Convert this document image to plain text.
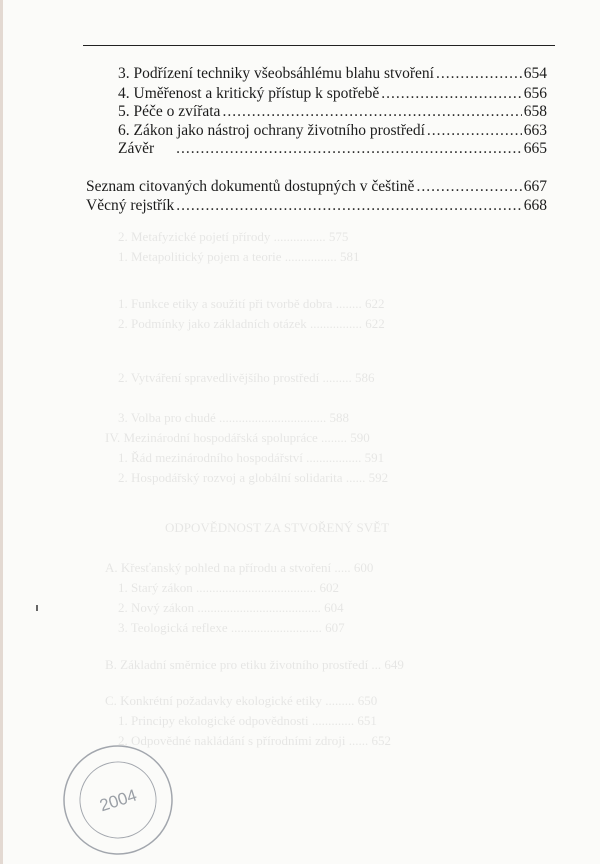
2. Metafyzické pojetí přírody ................ 575
1. Metapolitický pojem a teorie ................ 581
1. Funkce etiky a soužití při tvorbě dobra ........ 622
2. Podmínky jako základních otázek ................ 622
2. Vytváření spravedlivějšího prostředí ......... 586
3. Volba pro chudé ................................. 588
IV. Mezinárodní hospodářská spolupráce ........ 590
1. Řád mezinárodního hospodářství ................. 591
2. Hospodářský rozvoj a globální solidarita ...... 592
ODPOVĚDNOST ZA STVOŘENÝ SVĚT
A. Křesťanský pohled na přírodu a stvoření ..... 600
1. Starý zákon ..................................... 602
2. Nový zákon ...................................... 604
3. Teologická reflexe ............................ 607
B. Základní směrnice pro etiku životního prostředí ... 649
C. Konkrétní požadavky ekologické etiky ......... 650
1. Principy ekologické odpovědnosti ............. 651
2. Odpovědné nakládání s přírodními zdroji ...... 652
3. Podřízení techniky všeobsáhlému blahu stvoření .....	654
4. Uměřenost a kritický přístup k spotřebě .....	656
5. Péče o zvířata .....	658
6. Zákon jako nástroj ochrany životního prostředí .....	663
Závěr .....	665
Seznam citovaných dokumentů dostupných v češtině .....	667
Věcný rejstřík .....	668
2004
